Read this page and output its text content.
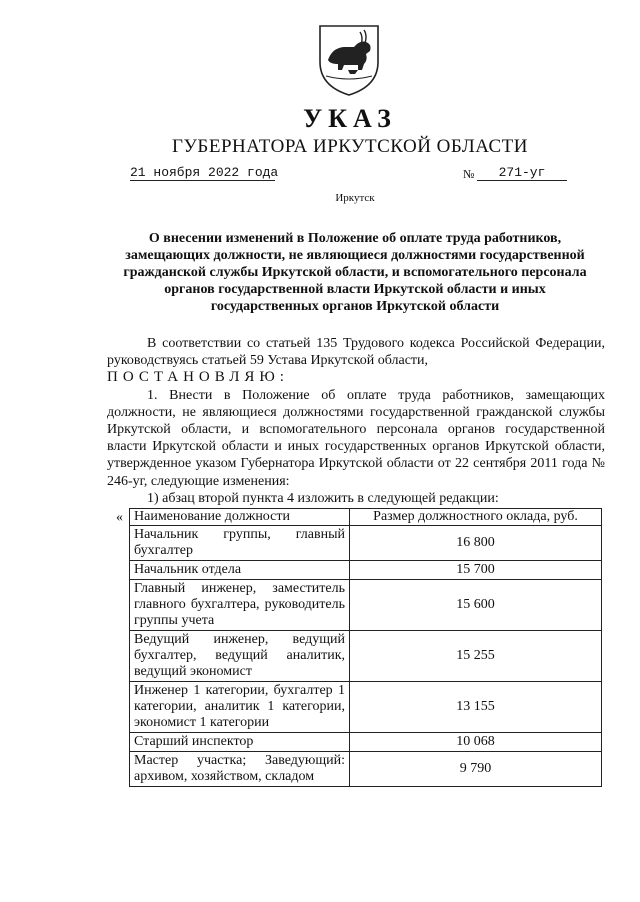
УКАЗ
ГУБЕРНАТОРА ИРКУТСКОЙ ОБЛАСТИ
21 ноября 2022 года	№	271-уг
Иркутск
О внесении изменений в Положение об оплате труда работников, замещающих должности, не являющиеся должностями государственной гражданской службы Иркутской области, и вспомогательного персонала органов государственной власти Иркутской области и иных государственных органов Иркутской области

В соответствии со статьей 135 Трудового кодекса Российской Федерации, руководствуясь статьей 59 Устава Иркутской области,

ПОСТАНОВЛЯЮ:

1. Внести в Положение об оплате труда работников, замещающих должности, не являющиеся должностями государственной гражданской службы Иркутской области, и вспомогательного персонала органов государственной власти Иркутской области и иных государственных органов Иркутской области, утвержденное указом Губернатора Иркутской области от 22 сентября 2011 года № 246-уг, следующие изменения:

1) абзац второй пункта 4 изложить в следующей редакции:

« Наименование должности	Размер должностного оклада, руб.
Начальник группы, главный бухгалтер	16 800
Начальник отдела	15 700
Главный инженер, заместитель главного бухгалтера, руководитель группы учета	15 600
Ведущий инженер, ведущий бухгалтер, ведущий аналитик, ведущий экономист	15 255
Инженер 1 категории, бухгалтер 1 категории, аналитик 1 категории, экономист 1 категории	13 155
Старший инспектор	10 068
Мастер участка; Заведующий: архивом, хозяйством, складом	9 790
